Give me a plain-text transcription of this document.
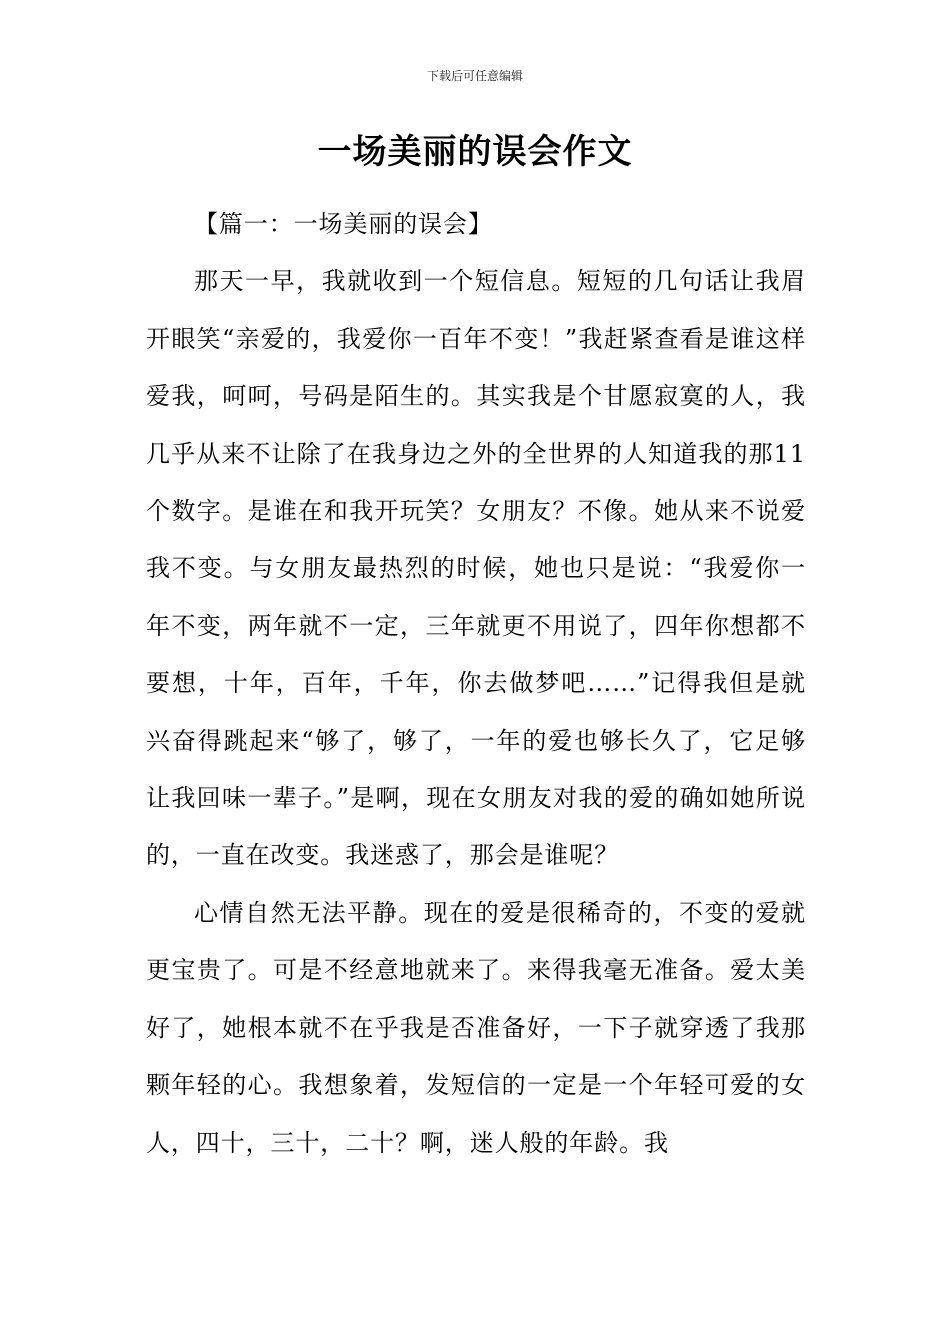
下载后可任意编辑
一场美丽的误会作文

【篇一：一场美丽的误会】

那天一早，我就收到一个短信息。短短的几句话让我眉开眼笑“亲爱的，我爱你一百年不变！”我赶紧查看是谁这样爱我，呵呵，号码是陌生的。其实我是个甘愿寂寞的人，我几乎从来不让除了在我身边之外的全世界的人知道我的那11个数字。是谁在和我开玩笑？女朋友？不像。她从来不说爱我不变。与女朋友最热烈的时候，她也只是说：“我爱你一年不变，两年就不一定，三年就更不用说了，四年你想都不要想，十年，百年，千年，你去做梦吧……”记得我但是就兴奋得跳起来“够了，够了，一年的爱也够长久了，它足够让我回味一辈子。”是啊，现在女朋友对我的爱的确如她所说的，一直在改变。我迷惑了，那会是谁呢？

心情自然无法平静。现在的爱是很稀奇的，不变的爱就更宝贵了。可是不经意地就来了。来得我毫无准备。爱太美好了，她根本就不在乎我是否准备好，一下子就穿透了我那颗年轻的心。我想象着，发短信的一定是一个年轻可爱的女人，四十，三十，二十？啊，迷人般的年龄。我
